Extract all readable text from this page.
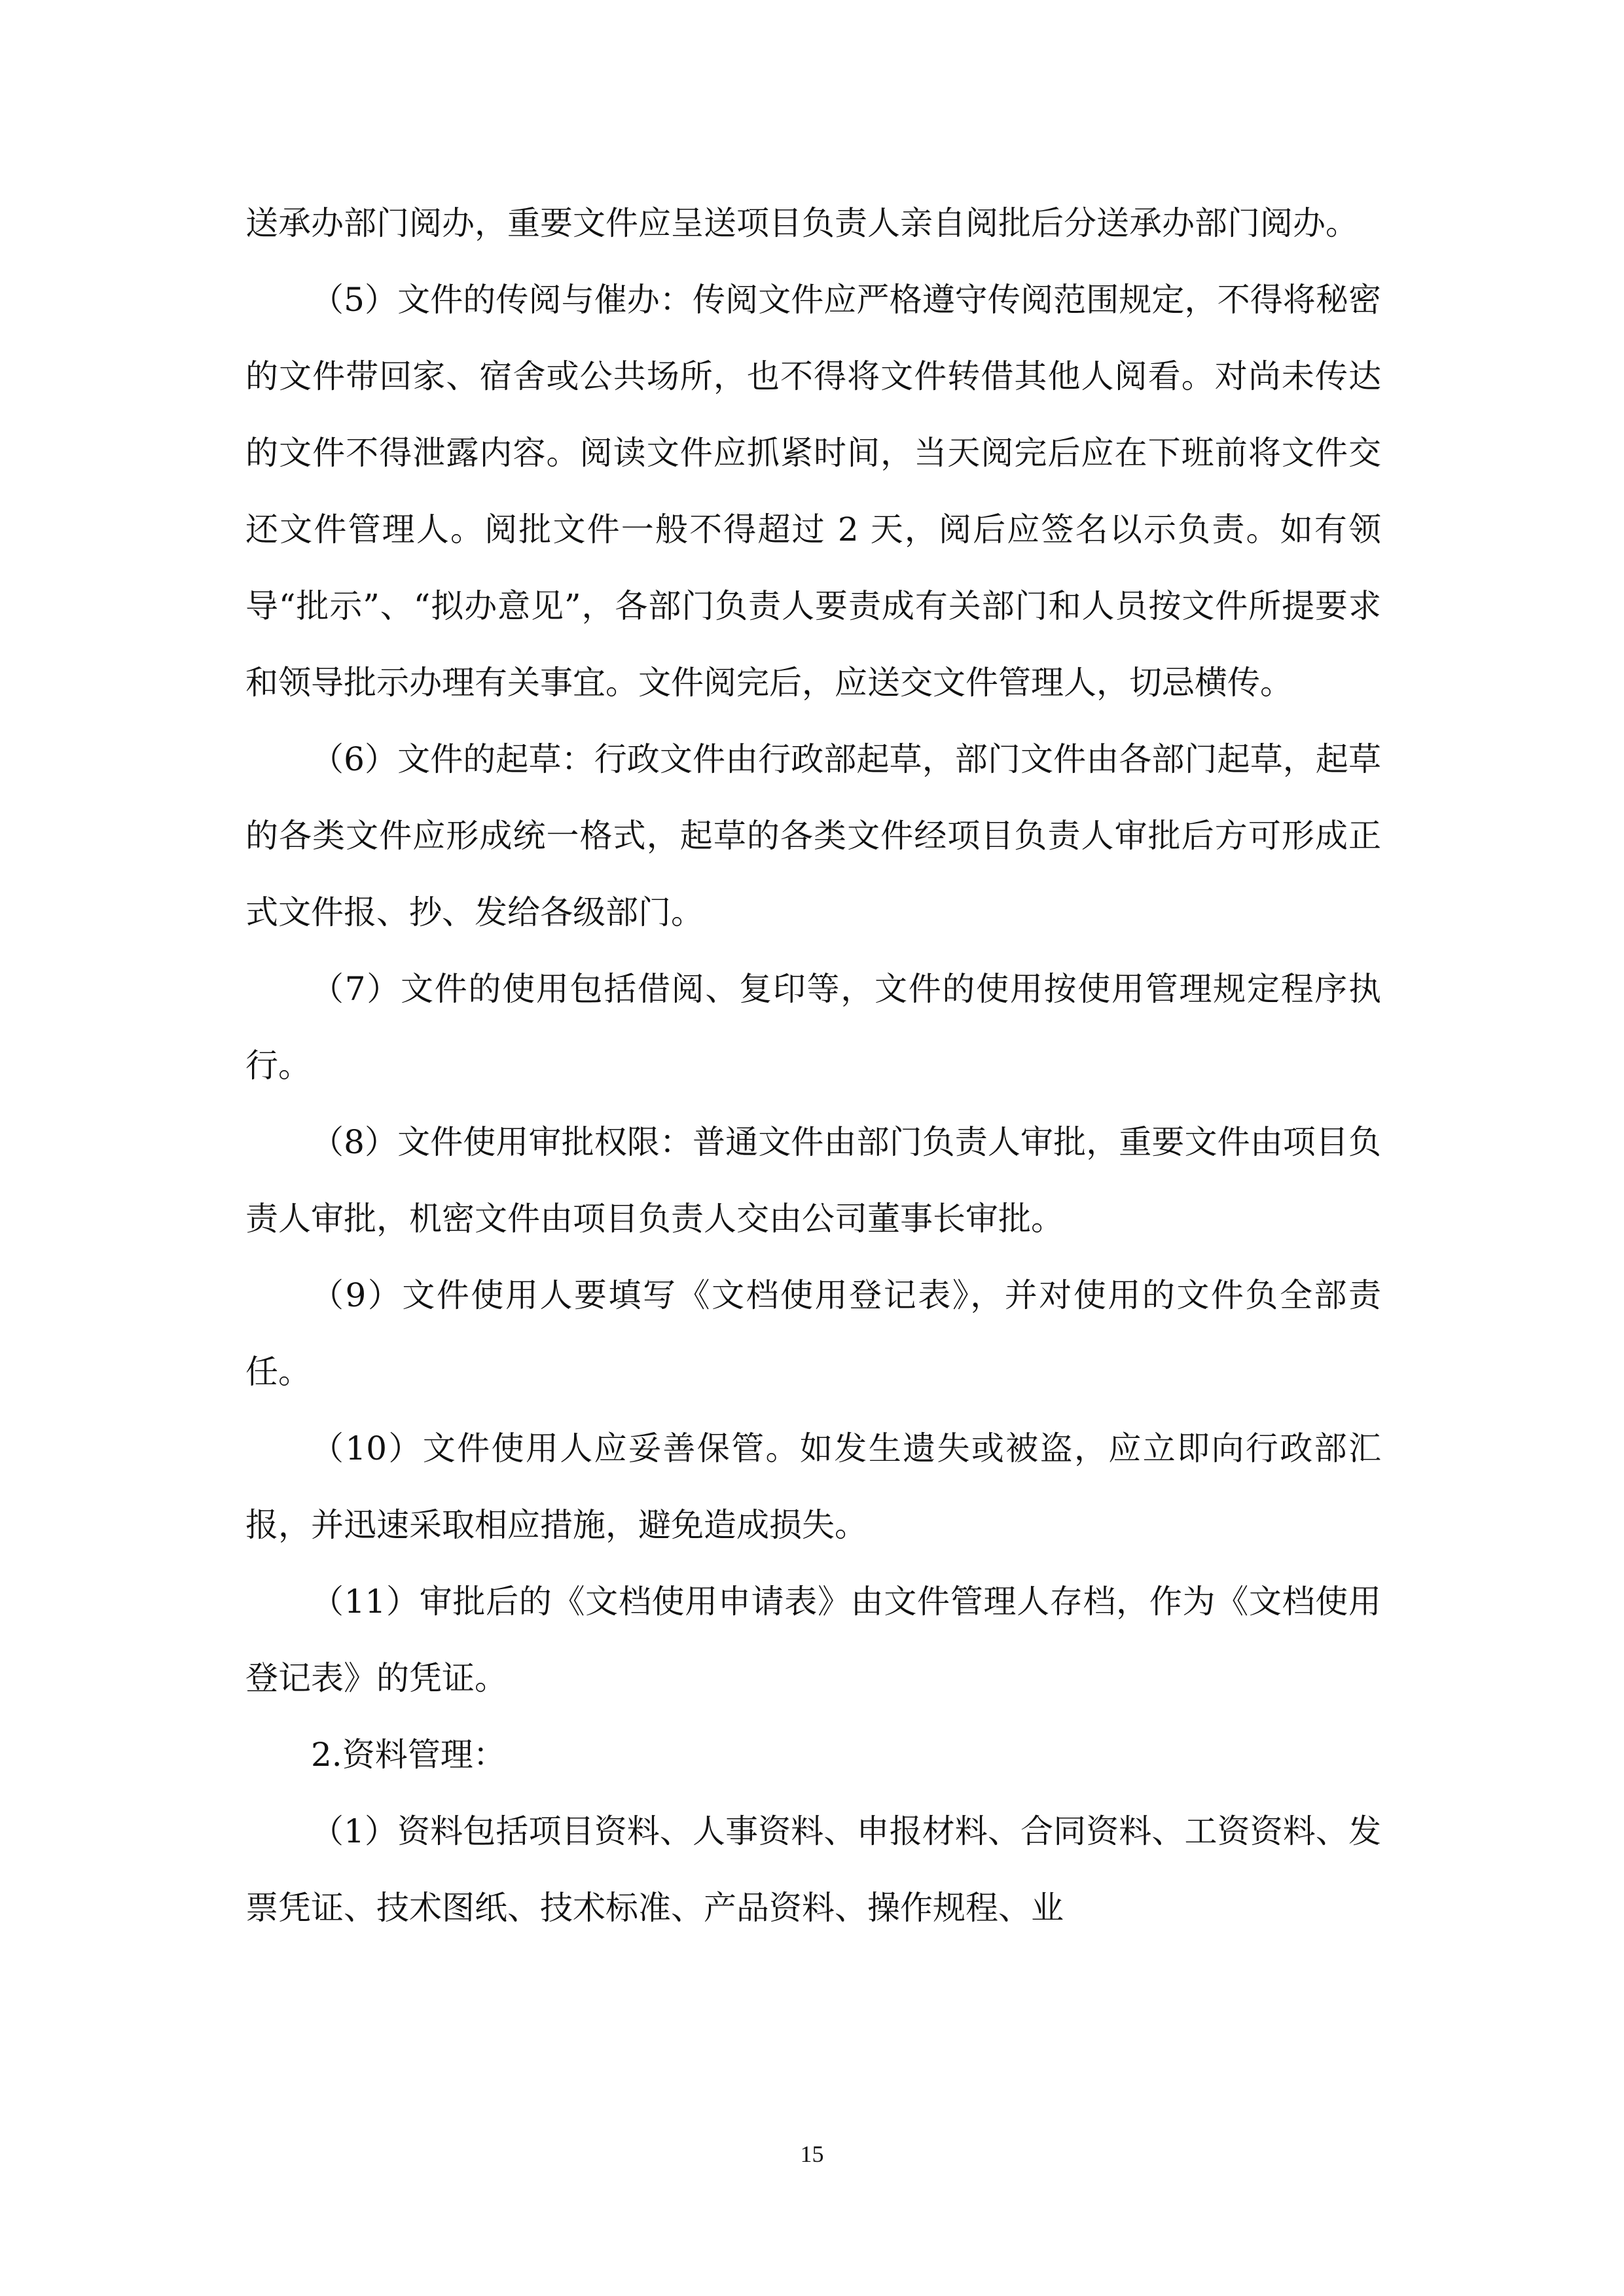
送承办部门阅办，重要文件应呈送项目负责人亲自阅批后分送承办部门阅办。

（5）文件的传阅与催办：传阅文件应严格遵守传阅范围规定，不得将秘密的文件带回家、宿舍或公共场所，也不得将文件转借其他人阅看。对尚未传达的文件不得泄露内容。阅读文件应抓紧时间，当天阅完后应在下班前将文件交还文件管理人。阅批文件一般不得超过 2 天，阅后应签名以示负责。如有领导“批示”、“拟办意见”，各部门负责人要责成有关部门和人员按文件所提要求和领导批示办理有关事宜。文件阅完后，应送交文件管理人，切忌横传。

（6）文件的起草：行政文件由行政部起草，部门文件由各部门起草，起草的各类文件应形成统一格式，起草的各类文件经项目负责人审批后方可形成正式文件报、抄、发给各级部门。

（7）文件的使用包括借阅、复印等，文件的使用按使用管理规定程序执行。

（8）文件使用审批权限：普通文件由部门负责人审批，重要文件由项目负责人审批，机密文件由项目负责人交由公司董事长审批。

（9）文件使用人要填写《文档使用登记表》，并对使用的文件负全部责任。

（10）文件使用人应妥善保管。如发生遗失或被盗，应立即向行政部汇报，并迅速采取相应措施，避免造成损失。

（11）审批后的《文档使用申请表》由文件管理人存档，作为《文档使用登记表》的凭证。

2.资料管理：

（1）资料包括项目资料、人事资料、申报材料、合同资料、工资资料、发票凭证、技术图纸、技术标准、产品资料、操作规程、业

15
